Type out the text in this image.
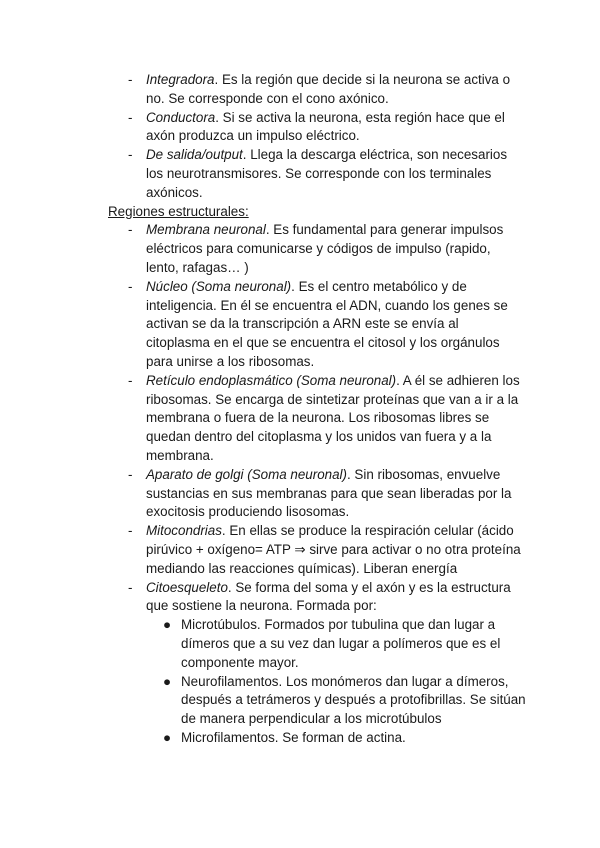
- Integradora. Es la región que decide si la neurona se activa o no. Se corresponde con el cono axónico.
- Conductora. Si se activa la neurona, esta región hace que el axón produzca un impulso eléctrico.
- De salida/output. Llega la descarga eléctrica, son necesarios los neurotransmisores. Se corresponde con los terminales axónicos.
Regiones estructurales:
- Membrana neuronal. Es fundamental para generar impulsos eléctricos para comunicarse y códigos de impulso (rapido, lento, rafagas… )
- Núcleo (Soma neuronal). Es el centro metabólico y de inteligencia. En él se encuentra el ADN, cuando los genes se activan se da la transcripción a ARN este se envía al citoplasma en el que se encuentra el citosol y los orgánulos para unirse a los ribosomas.
- Retículo endoplasmático (Soma neuronal). A él se adhieren los ribosomas. Se encarga de sintetizar proteínas que van a ir a la membrana o fuera de la neurona. Los ribosomas libres se quedan dentro del citoplasma y los unidos van fuera y a la membrana.
- Aparato de golgi (Soma neuronal). Sin ribosomas, envuelve sustancias en sus membranas para que sean liberadas por la exocitosis produciendo lisosomas.
- Mitocondrias. En ellas se produce la respiración celular (ácido pirúvico + oxígeno= ATP ⇒ sirve para activar o no otra proteína mediando las reacciones químicas). Liberan energía
- Citoesqueleto. Se forma del soma y el axón y es la estructura que sostiene la neurona. Formada por:
● Microtúbulos. Formados por tubulina que dan lugar a dímeros que a su vez dan lugar a polímeros que es el componente mayor.
● Neurofilamentos. Los monómeros dan lugar a dímeros, después a tetrámeros y después a protofibrillas. Se sitúan de manera perpendicular a los microtúbulos
● Microfilamentos. Se forman de actina.
